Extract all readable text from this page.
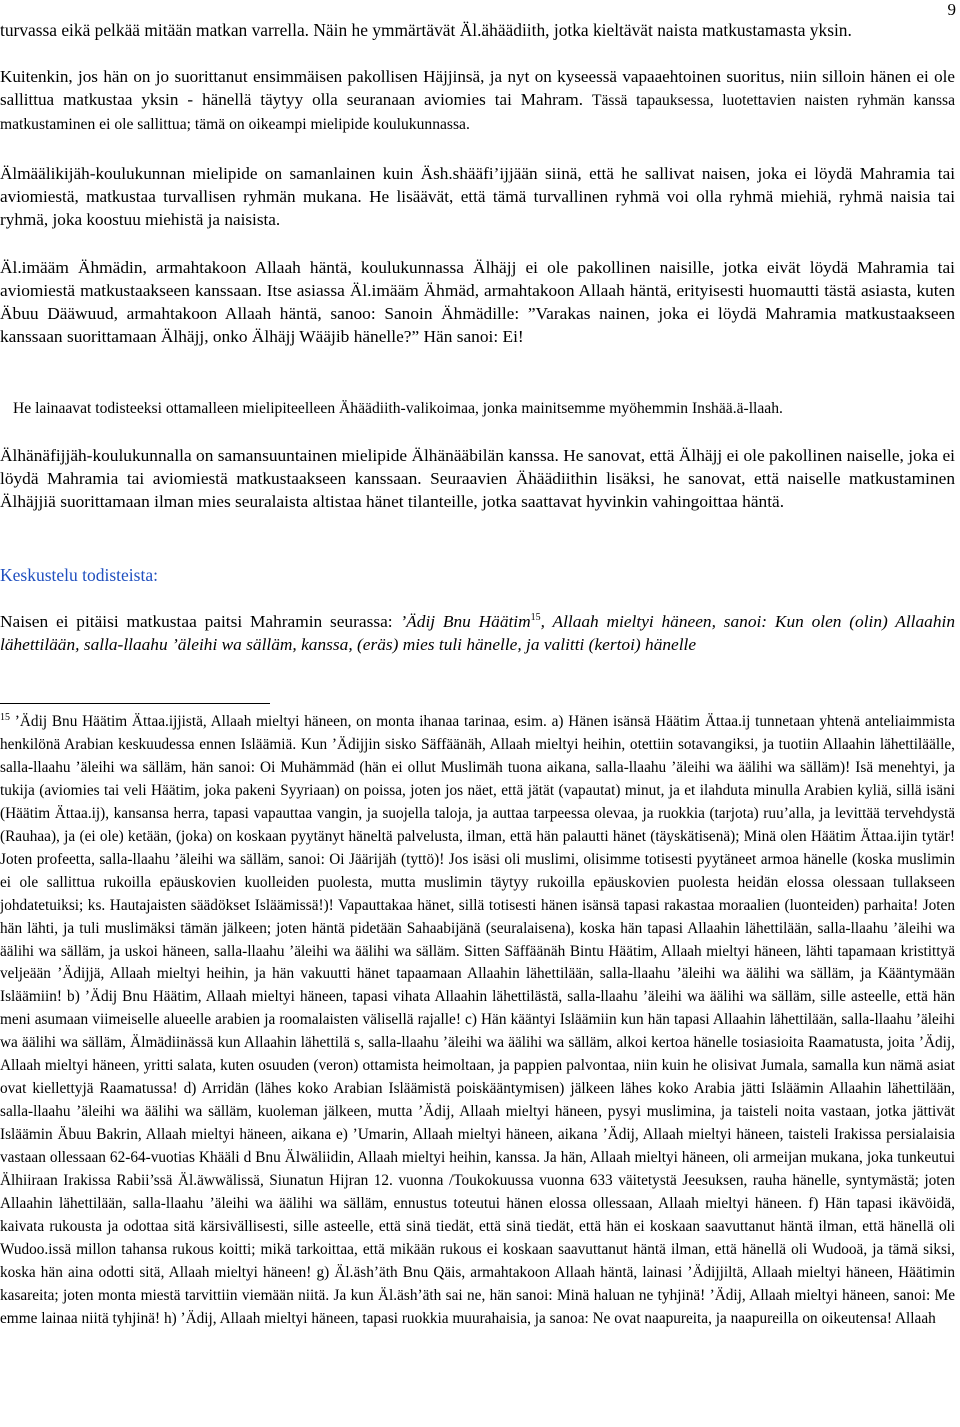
9

turvassa eikä pelkää mitään matkan varrella. Näin he ymmärtävät Äl.ähäädiith, jotka kieltävät naista matkustamasta yksin.

Kuitenkin, jos hän on jo suorittanut ensimmäisen pakollisen Häjjinsä, ja nyt on kyseessä vapaaehtoinen suoritus, niin silloin hänen ei ole sallittua matkustaa yksin - hänellä täytyy olla seuranaan aviomies tai Mahram. Tässä tapauksessa, luotettavien naisten ryhmän kanssa matkustaminen ei ole sallittua; tämä on oikeampi mielipide koulukunnassa.

Älmäälikijäh-koulukunnan mielipide on samanlainen kuin Äsh.shääfi’ijjään siinä, että he sallivat naisen, joka ei löydä Mahramia tai aviomiestä, matkustaa turvallisen ryhmän mukana. He lisäävät, että tämä turvallinen ryhmä voi olla ryhmä miehiä, ryhmä naisia tai ryhmä, joka koostuu miehistä ja naisista.

Äl.imääm Ähmädin, armahtakoon Allaah häntä, koulukunnassa Älhäjj ei ole pakollinen naisille, jotka eivät löydä Mahramia tai aviomiestä matkustaakseen kanssaan. Itse asiassa Äl.imääm Ähmäd, armahtakoon Allaah häntä, erityisesti huomautti tästä asiasta, kuten Äbuu Dääwuud, armahtakoon Allaah häntä, sanoo: Sanoin Ähmädille: ”Varakas nainen, joka ei löydä Mahramia matkustaakseen kanssaan suorittamaan Älhäjj, onko Älhäjj Wääjib hänelle?” Hän sanoi: Ei!

He lainaavat todisteeksi ottamalleen mielipiteelleen Ähäädiith-valikoimaa, jonka mainitsemme myöhemmin Inshää.ä-llaah.

Älhänäfijjäh-koulukunnalla on samansuuntainen mielipide Älhänääbilän kanssa. He sanovat, että Älhäjj ei ole pakollinen naiselle, joka ei löydä Mahramia tai aviomiestä matkustaakseen kanssaan. Seuraavien Ähäädiithin lisäksi, he sanovat, että naiselle matkustaminen Älhäjjiä suorittamaan ilman mies seuralaista altistaa hänet tilanteille, jotka saattavat hyvinkin vahingoittaa häntä.

Keskustelu todisteista:

Naisen ei pitäisi matkustaa paitsi Mahramin seurassa: ’Ädij Bnu Häätim$^{15}$, Allaah mieltyi häneen, sanoi: Kun olen (olin) Allaahin lähettilään, salla-llaahu ’äleihi wa sälläm, kanssa, (eräs) mies tuli hänelle, ja valitti (kertoi) hänelle

$^{15}$ ’Ädij Bnu Häätim Ättaa.ijjistä, Allaah mieltyi häneen, on monta ihanaa tarinaa, esim. a) Hänen isänsä Häätim Ättaa.ij tunnetaan yhtenä anteliaimmista henkilönä Arabian keskuudessa ennen Isläämiä. Kun ’Ädijjin sisko Säffäänäh, Allaah mieltyi heihin, otettiin sotavangiksi, ja tuotiin Allaahin lähettiläälle, salla-llaahu ’äleihi wa sälläm, hän sanoi: Oi Muhämmäd (hän ei ollut Muslimäh tuona aikana, salla-llaahu ’äleihi wa äälihi wa sälläm)! Isä menehtyi, ja tukija (aviomies tai veli Häätim, joka pakeni Syyriaan) on poissa, joten jos näet, että jätät (vapautat) minut, ja et ilahduta minulla Arabien kyliä, sillä isäni (Häätim Ättaa.ij), kansansa herra, tapasi vapauttaa vangin, ja suojella taloja, ja auttaa tarpeessa olevaa, ja ruokkia (tarjota) ruu’alla, ja levittää tervehdystä (Rauhaa), ja (ei ole) ketään, (joka) on koskaan pyytänyt häneltä palvelusta, ilman, että hän palautti hänet (täyskätisenä); Minä olen Häätim Ättaa.ijin tytär! Joten profeetta, salla-llaahu ’äleihi wa sälläm, sanoi: Oi Jäärijäh (tyttö)! Jos isäsi oli muslimi, olisimme totisesti pyytäneet armoa hänelle (koska muslimin ei ole sallittua rukoilla epäuskovien kuolleiden puolesta, mutta muslimin täytyy rukoilla epäuskovien puolesta heidän elossa olessaan tullakseen johdatetuiksi; ks. Hautajaisten säädökset Isläämissä!)! Vapauttakaa hänet, sillä totisesti hänen isänsä tapasi rakastaa moraalien (luonteiden) parhaita! Joten hän lähti, ja tuli muslimäksi tämän jälkeen; joten häntä pidetään Sahaabijänä (seuralaisena), koska hän tapasi Allaahin lähettilään, salla-llaahu ’äleihi wa äälihi wa sälläm, ja uskoi häneen, salla-llaahu ’äleihi wa äälihi wa sälläm. Sitten Säffäänäh Bintu Häätim, Allaah mieltyi häneen, lähti tapamaan kristittyä veljeään ’Ädijjä, Allaah mieltyi heihin, ja hän vakuutti hänet tapaamaan Allaahin lähettilään, salla-llaahu ’äleihi wa äälihi wa sälläm, ja Kääntymään Isläämiin! b) ’Ädij Bnu Häätim, Allaah mieltyi häneen, tapasi vihata Allaahin lähettilästä, salla-llaahu ’äleihi wa äälihi wa sälläm, sille asteelle, että hän meni asumaan viimeiselle alueelle arabien ja roomalaisten välisellä rajalle! c) Hän kääntyi Isläämiin kun hän tapasi Allaahin lähettilään, salla-llaahu ’äleihi wa äälihi wa sälläm, Älmädiinässä kun Allaahin lähettilä s, salla-llaahu ’äleihi wa äälihi wa sälläm, alkoi kertoa hänelle tosiasioita Raamatusta, joita ’Ädij, Allaah mieltyi häneen, yritti salata, kuten osuuden (veron) ottamista heimoltaan, ja pappien palvontaa, niin kuin he olisivat Jumala, samalla kun nämä asiat ovat kiellettyjä Raamatussa! d) Arridän (lähes koko Arabian Isläämistä poiskääntymisen) jälkeen lähes koko Arabia jätti Isläämin Allaahin lähettilään, salla-llaahu ’äleihi wa äälihi wa sälläm, kuoleman jälkeen, mutta ’Ädij, Allaah mieltyi häneen, pysyi muslimina, ja taisteli noita vastaan, jotka jättivät Isläämin Äbuu Bakrin, Allaah mieltyi häneen, aikana e) ’Umarin, Allaah mieltyi häneen, aikana ’Ädij, Allaah mieltyi häneen, taisteli Irakissa persialaisia vastaan ollessaan 62-64-vuotias Khääli d Bnu Älwäliidin, Allaah mieltyi heihin, kanssa. Ja hän, Allaah mieltyi häneen, oli armeijan mukana, joka tunkeutui Älhiiraan Irakissa Rabii’ssä Äl.äwwälissä, Siunatun Hijran 12. vuonna /Toukokuussa vuonna 633 väitetystä Jeesuksen, rauha hänelle, syntymästä; joten Allaahin lähettilään, salla-llaahu ’äleihi wa äälihi wa sälläm, ennustus toteutui hänen elossa ollessaan, Allaah mieltyi häneen. f) Hän tapasi ikävöidä, kaivata rukousta ja odottaa sitä kärsivällisesti, sille asteelle, että sinä tiedät, että sinä tiedät, että hän ei koskaan saavuttanut häntä ilman, että hänellä oli Wudoo.issä millon tahansa rukous koitti; mikä tarkoittaa, että mikään rukous ei koskaan saavuttanut häntä ilman, että hänellä oli Wudooä, ja tämä siksi, koska hän aina odotti sitä, Allaah mieltyi häneen! g) Äl.äsh’äth Bnu Qäis, armahtakoon Allaah häntä, lainasi ’Ädijjiltä, Allaah mieltyi häneen, Häätimin kasareita; joten monta miestä tarvittiin viemään niitä. Ja kun Äl.äsh’äth sai ne, hän sanoi: Minä haluan ne tyhjinä! ’Ädij, Allaah mieltyi häneen, sanoi: Me emme lainaa niitä tyhjinä! h) ’Ädij, Allaah mieltyi häneen, tapasi ruokkia muurahaisia, ja sanoa: Ne ovat naapureita, ja naapureilla on oikeutensa! Allaah
